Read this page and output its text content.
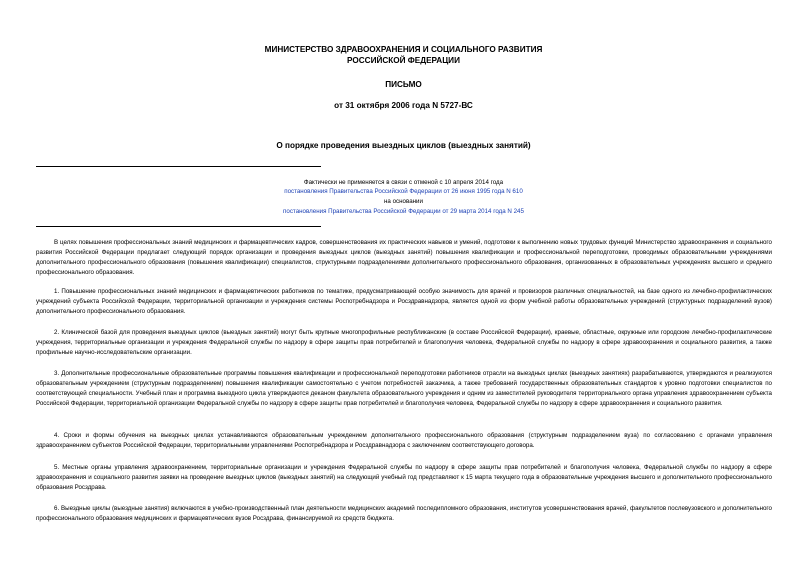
МИНИСТЕРСТВО ЗДРАВООХРАНЕНИЯ И СОЦИАЛЬНОГО РАЗВИТИЯ
РОССИЙСКОЙ ФЕДЕРАЦИИ
ПИСЬМО
от 31 октября 2006 года N 5727-ВС
О порядке проведения выездных циклов (выездных занятий)
Фактически не применяется в связи с отменой с 10 апреля 2014 года
постановления Правительства Российской Федерации от 26 июня 1995 года N 610
на основании
постановления Правительства Российской Федерации от 29 марта 2014 года N 245
В целях повышения профессиональных знаний медицинских и фармацевтических кадров, совершенствования их практических навыков и умений, подготовки к выполнению новых трудовых функций Министерство здравоохранения и социального развития Российской Федерации предлагает следующий порядок организации и проведения выездных циклов (выездных занятий) повышения квалификации и профессиональной переподготовки, проводимых образовательными учреждениями дополнительного профессионального образования (повышения квалификации) специалистов, структурными подразделениями дополнительного профессионального образования, организованных в образовательных учреждениях высшего и среднего профессионального образования.
1. Повышение профессиональных знаний медицинских и фармацевтических работников по тематике, предусматривающей особую значимость для врачей и провизоров различных специальностей, на базе одного из лечебно-профилактических учреждений субъекта Российской Федерации, территориальной организации и учреждения системы Роспотребнадзора и Росздравнадзора, является одной из форм учебной работы образовательных учреждений (структурных подразделений вузов) дополнительного профессионального образования.
2. Клинической базой для проведения выездных циклов (выездных занятий) могут быть крупные многопрофильные республиканские (в составе Российской Федерации), краевые, областные, окружные или городские лечебно-профилактические учреждения, территориальные организации и учреждения Федеральной службы по надзору в сфере защиты прав потребителей и благополучия человека, Федеральной службы по надзору в сфере здравоохранения и социального развития, а также профильные научно-исследовательские организации.
3. Дополнительные профессиональные образовательные программы повышения квалификации и профессиональной переподготовки работников отрасли на выездных циклах (выездных занятиях) разрабатываются, утверждаются и реализуются образовательным учреждением (структурным подразделением) повышения квалификации самостоятельно с учетом потребностей заказчика, а также требований государственных образовательных стандартов к уровню подготовки специалистов по соответствующей специальности. Учебный план и программа выездного цикла утверждаются деканом факультета образовательного учреждения и одним из заместителей руководителя территориального органа управления здравоохранением субъекта Российской Федерации, территориальной организации Федеральной службы по надзору в сфере защиты прав потребителей и благополучия человека, Федеральной службы по надзору в сфере здравоохранения и социального развития.
4. Сроки и формы обучения на выездных циклах устанавливаются образовательным учреждением дополнительного профессионального образования (структурным подразделением вуза) по согласованию с органами управления здравоохранением субъектов Российской Федерации, территориальными управлениями Роспотребнадзора и Росздравнадзора с заключением соответствующего договора.
5. Местные органы управления здравоохранением, территориальные организации и учреждения Федеральной службы по надзору в сфере защиты прав потребителей и благополучия человека, Федеральной службы по надзору в сфере здравоохранения и социального развития заявки на проведение выездных циклов (выездных занятий) на следующий учебный год представляют к 15 марта текущего года в образовательные учреждения высшего и дополнительного профессионального образования Росздрава.
6. Выездные циклы (выездные занятия) включаются в учебно-производственный план деятельности медицинских академий последипломного образования, институтов усовершенствования врачей, факультетов послевузовского и дополнительного профессионального образования медицинских и фармацевтических вузов Росздрава, финансируемой из средств бюджета.
